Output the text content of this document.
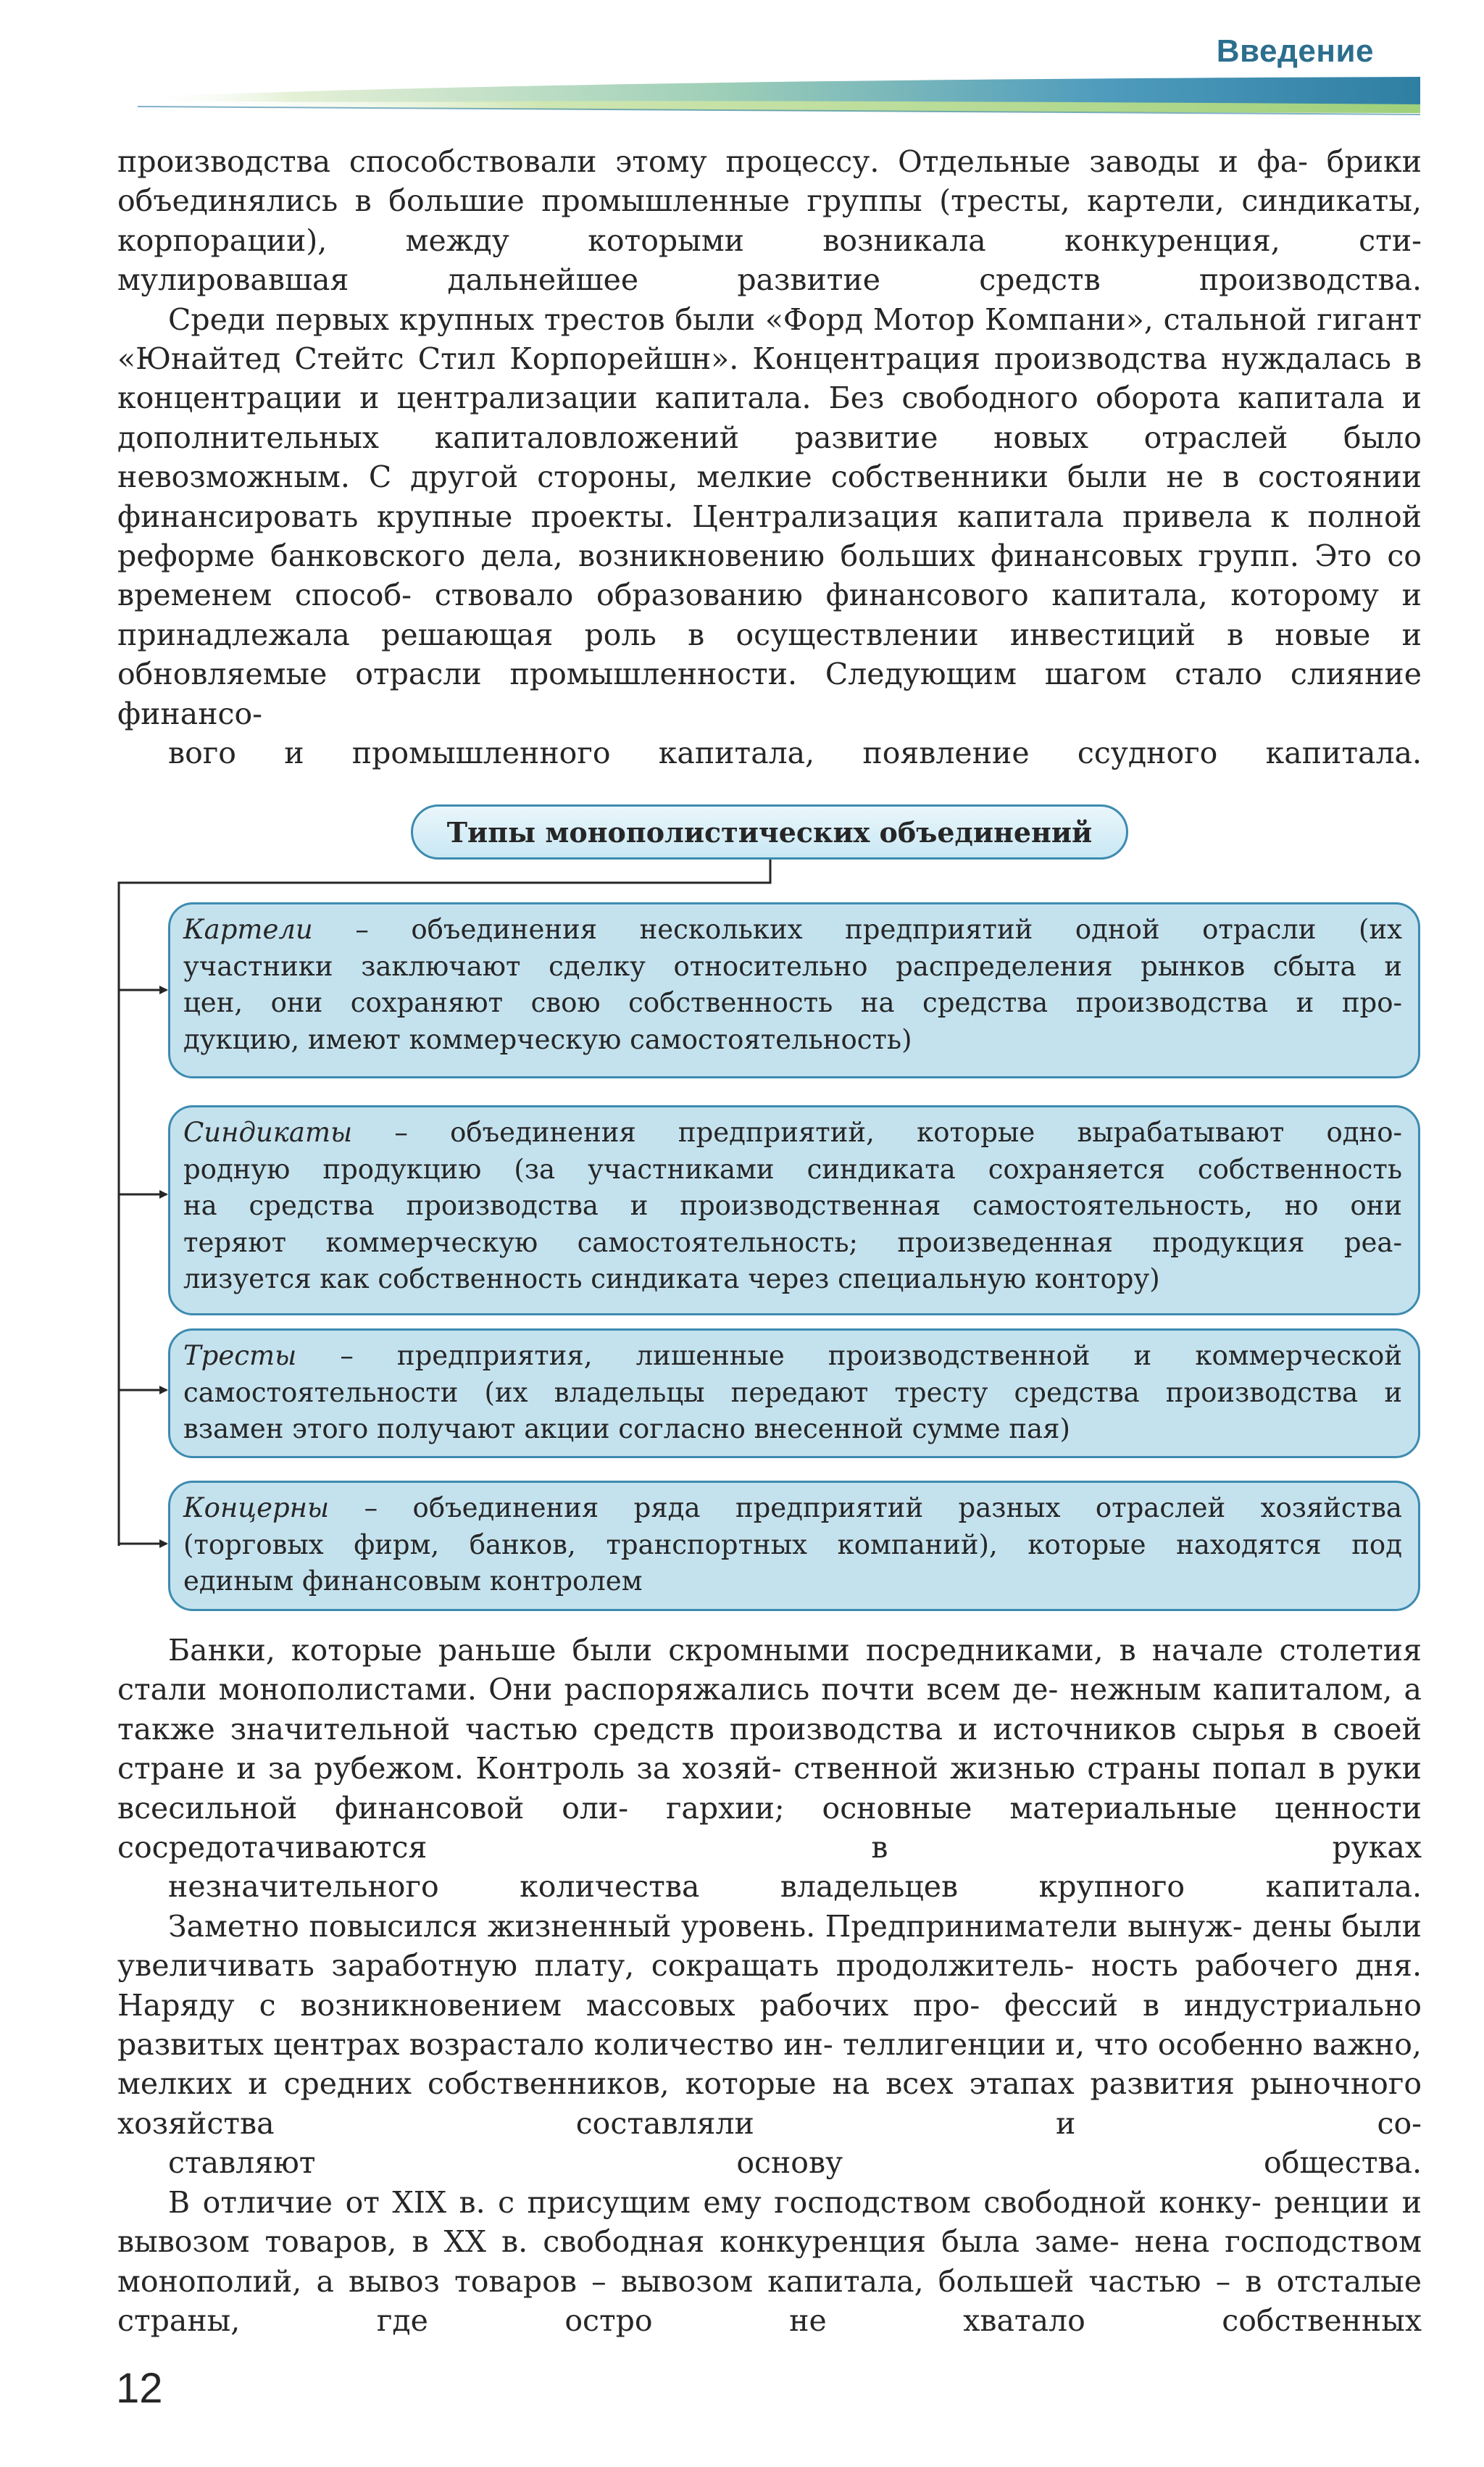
Введение

производства способствовали этому процессу. Отдельные заводы и фа- брики объединялись в большие промышленные группы (тресты, картели, синдикаты, корпорации), между которыми возникала конкуренция, сти-
мулировавшая дальнейшее развитие средств производства.

Среди первых крупных трестов были «Форд Мотор Компани», стальной гигант «Юнайтед Стейтс Стил Корпорейшн». Концентрация производства нуждалась в концентрации и централизации капитала. Без свободного оборота капитала и дополнительных капиталовложений развитие новых отраслей было невозможным. С другой стороны, мелкие собственники были не в состоянии финансировать крупные проекты. Централизация капитала привела к полной реформе банковского дела, возникновению больших финансовых групп. Это со временем способ- ствовало образованию финансового капитала, которому и принадлежала решающая роль в осуществлении инвестиций в новые и обновляемые отрасли промышленности. Следующим шагом стало слияние финансо-
вого и промышленного капитала, появление ссудного капитала.

Типы монополистических объединений
Картели – объединения нескольких предприятий одной отрасли (их
участники заключают сделку относительно распределения рынков сбыта и
цен, они сохраняют свою собственность на средства производства и про-
дукцию, имеют коммерческую самостоятельность)
Синдикаты – объединения предприятий, которые вырабатывают одно-
родную продукцию (за участниками синдиката сохраняется собственность
на средства производства и производственная самостоятельность, но они
теряют коммерческую самостоятельность; произведенная продукция реа-
лизуется как собственность синдиката через специальную контору)
Тресты – предприятия, лишенные производственной и коммерческой
самостоятельности (их владельцы передают тресту средства производства и
взамен этого получают акции согласно внесенной сумме пая)
Концерны – объединения ряда предприятий разных отраслей хозяйства
(торговых фирм, банков, транспортных компаний), которые находятся под
единым финансовым контролем

Банки, которые раньше были скромными посредниками, в начале столетия стали монополистами. Они распоряжались почти всем де- нежным капиталом, а также значительной частью средств производства и источников сырья в своей стране и за рубежом. Контроль за хозяй- ственной жизнью страны попал в руки всесильной финансовой оли- гархии; основные материальные ценности сосредотачиваются в руках
незначительного количества владельцев крупного капитала.

Заметно повысился жизненный уровень. Предприниматели вынуж- дены были увеличивать заработную плату, сокращать продолжитель- ность рабочего дня. Наряду с возникновением массовых рабочих про- фессий в индустриально развитых центрах возрастало количество ин- теллигенции и, что особенно важно, мелких и средних собственников, которые на всех этапах развития рыночного хозяйства составляли и со-
ставляют основу общества.

В отличие от XIX в. с присущим ему господством свободной конку- ренции и вывозом товаров, в XX в. свободная конкуренция была заме- нена господством монополий, а вывоз товаров – вывозом капитала, большей частью – в отсталые страны, где остро не хватало собственных

12
